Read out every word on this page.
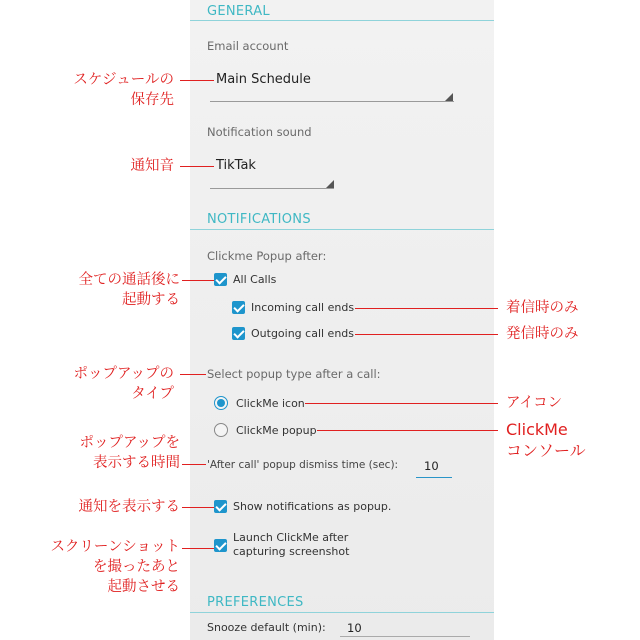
GENERAL
Email account
Main Schedule
Notification sound
TikTak
NOTIFICATIONS
Clickme Popup after:
All Calls
Incoming call ends
Outgoing call ends
Select popup type after a call:
ClickMe icon
ClickMe popup
'After call' popup dismiss time (sec): 10
Show notifications as popup.
Launch ClickMe after
capturing screenshot
PREFERENCES
Snooze default (min): 10
スケジュールの
保存先
通知音
全ての通話後に
起動する
ポップアップの
タイプ
ポップアップを
表示する時間
通知を表示する
スクリーンショット
を撮ったあと
起動させる
着信時のみ
発信時のみ
アイコン
ClickMe
コンソール
